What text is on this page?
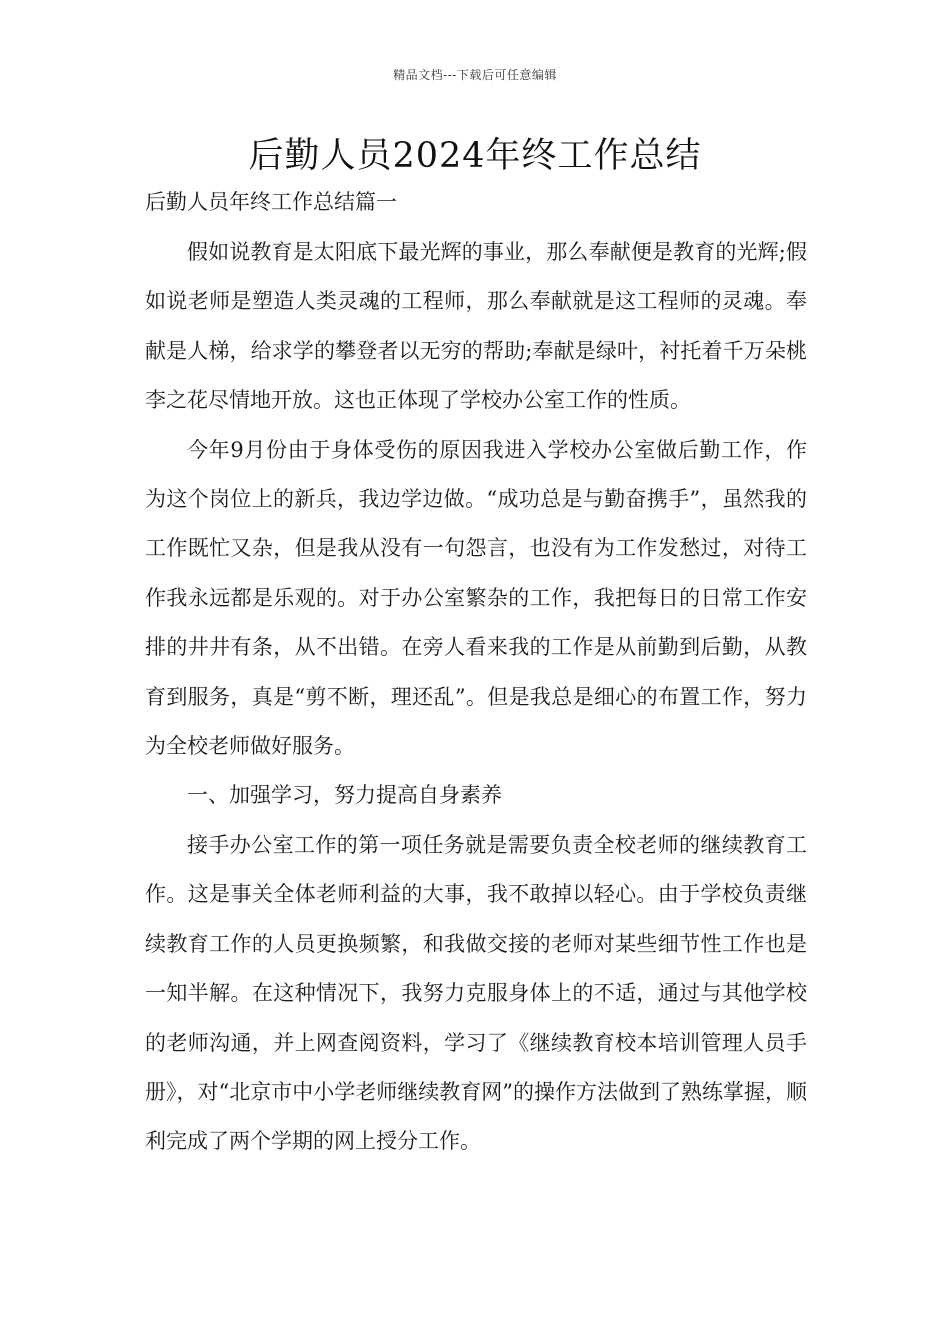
精品文档---下载后可任意编辑
后勤人员2024年终工作总结
后勤人员年终工作总结篇一

假如说教育是太阳底下最光辉的事业，那么奉献便是教育的光辉;假如说老师是塑造人类灵魂的工程师，那么奉献就是这工程师的灵魂。奉献是人梯，给求学的攀登者以无穷的帮助;奉献是绿叶，衬托着千万朵桃李之花尽情地开放。这也正体现了学校办公室工作的性质。

今年9月份由于身体受伤的原因我进入学校办公室做后勤工作，作为这个岗位上的新兵，我边学边做。“成功总是与勤奋携手”，虽然我的工作既忙又杂，但是我从没有一句怨言，也没有为工作发愁过，对待工作我永远都是乐观的。对于办公室繁杂的工作，我把每日的日常工作安排的井井有条，从不出错。在旁人看来我的工作是从前勤到后勤，从教育到服务，真是“剪不断，理还乱”。但是我总是细心的布置工作，努力为全校老师做好服务。

一、加强学习，努力提高自身素养

接手办公室工作的第一项任务就是需要负责全校老师的继续教育工作。这是事关全体老师利益的大事，我不敢掉以轻心。由于学校负责继续教育工作的人员更换频繁，和我做交接的老师对某些细节性工作也是一知半解。在这种情况下，我努力克服身体上的不适，通过与其他学校的老师沟通，并上网查阅资料，学习了《继续教育校本培训管理人员手册》，对“北京市中小学老师继续教育网”的操作方法做到了熟练掌握，顺利完成了两个学期的网上授分工作。
